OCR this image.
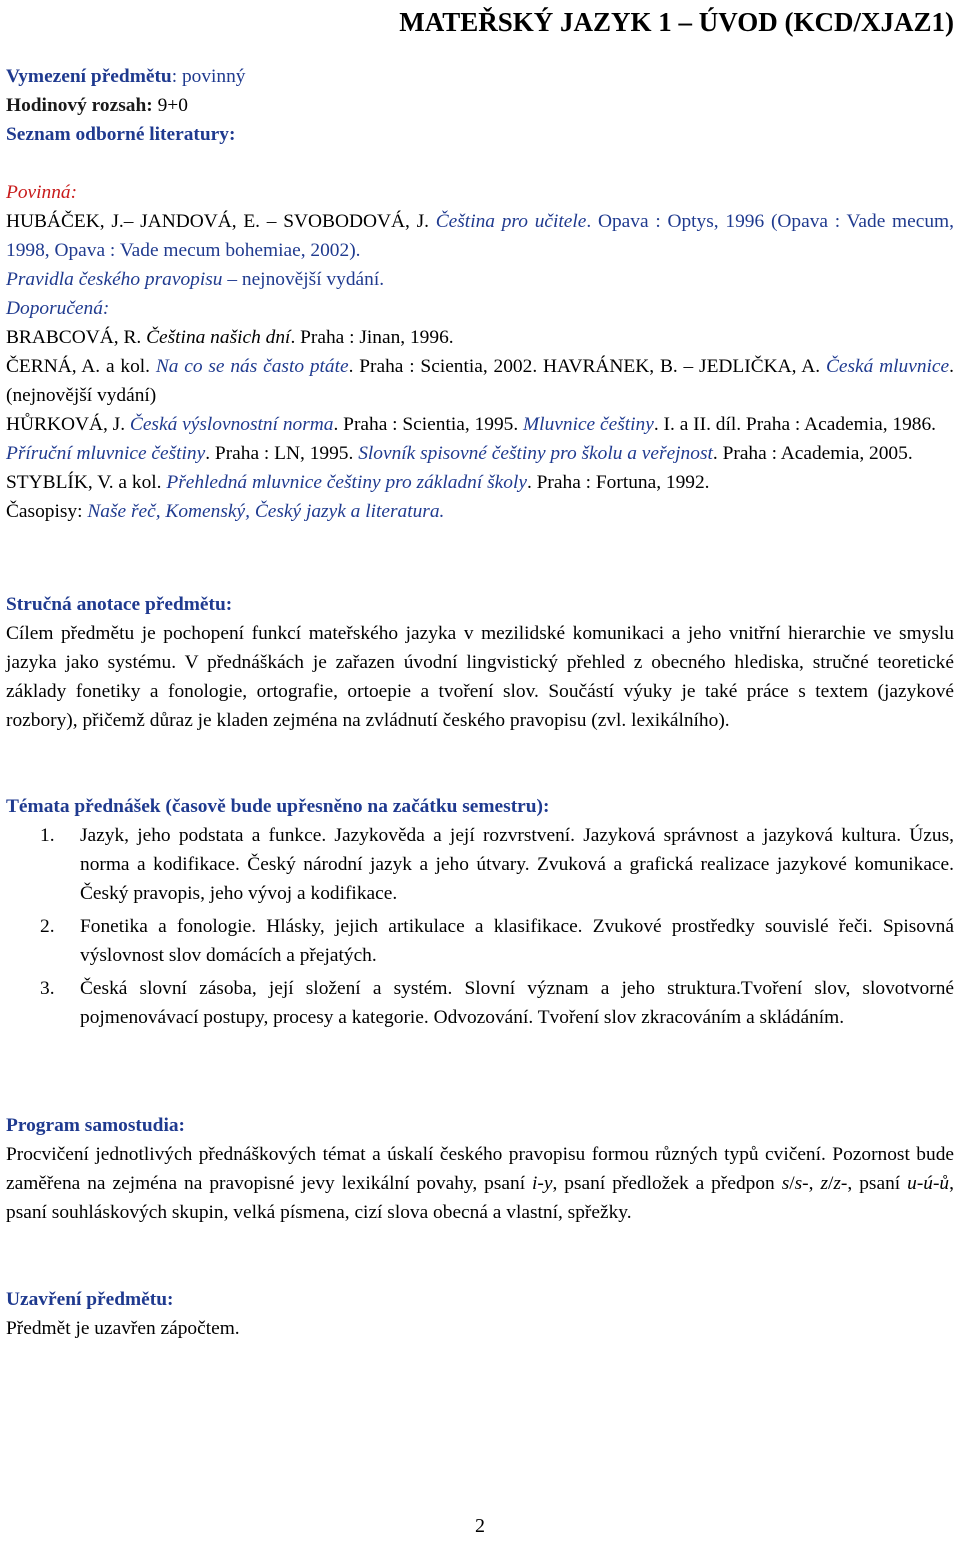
MATEŘSKÝ JAZYK 1 – ÚVOD (KCD/XJAZ1)
Vymezení předmětu: povinný
Hodinový rozsah: 9+0
Seznam odborné literatury:
Povinná:
HUBÁČEK, J.– JANDOVÁ, E. – SVOBODOVÁ, J. Čeština pro učitele. Opava : Optys, 1996 (Opava : Vade mecum, 1998, Opava : Vade mecum bohemiae, 2002).
Pravidla českého pravopisu – nejnovější vydání.
Doporučená:
BRABCOVÁ, R. Čeština našich dní. Praha : Jinan, 1996.
ČERNÁ, A. a kol. Na co se nás často ptáte. Praha : Scientia, 2002. HAVRÁNEK, B. – JEDLIČKA, A. Česká mluvnice. (nejnovější vydání)
HŮRKOVÁ, J. Česká výslovnostní norma. Praha : Scientia, 1995. Mluvnice češtiny. I. a II. díl. Praha : Academia, 1986.
Příruční mluvnice češtiny. Praha : LN, 1995. Slovník spisovné češtiny pro školu a veřejnost. Praha : Academia, 2005.
STYBLÍK, V. a kol. Přehledná mluvnice češtiny pro základní školy. Praha : Fortuna, 1992.
Časopisy: Naše řeč, Komenský, Český jazyk a literatura.
Stručná anotace předmětu:
Cílem předmětu je pochopení funkcí mateřského jazyka v mezilidské komunikaci a jeho vnitřní hierarchie ve smyslu jazyka jako systému. V přednáškách je zařazen úvodní lingvistický přehled z obecného hlediska, stručné teoretické základy fonetiky a fonologie, ortografie, ortoepie a tvoření slov. Součástí výuky je také práce s textem (jazykové rozbory), přičemž důraz je kladen zejména na zvládnutí českého pravopisu (zvl. lexikálního).
Témata přednášek (časově bude upřesněno na začátku semestru):
1. Jazyk, jeho podstata a funkce. Jazykověda a její rozvrstvení. Jazyková správnost a jazyková kultura. Úzus, norma a kodifikace. Český národní jazyk a jeho útvary. Zvuková a grafická realizace jazykové komunikace. Český pravopis, jeho vývoj a kodifikace.
2. Fonetika a fonologie. Hlásky, jejich artikulace a klasifikace. Zvukové prostředky souvislé řeči. Spisovná výslovnost slov domácích a přejatých.
3. Česká slovní zásoba, její složení a systém. Slovní význam a jeho struktura.Tvoření slov, slovotvorné pojmenovávací postupy, procesy a kategorie. Odvozování. Tvoření slov zkracováním a skládáním.
Program samostudia:
Procvičení jednotlivých přednáškových témat a úskalí českého pravopisu formou různých typů cvičení. Pozornost bude zaměřena na zejména na pravopisné jevy lexikální povahy, psaní i-y, psaní předložek a předpon s/s-, z/z-, psaní u-ú-ů, psaní souhláskových skupin, velká písmena, cizí slova obecná a vlastní, spřežky.
Uzavření předmětu:
Předmět je uzavřen zápočtem.
2
